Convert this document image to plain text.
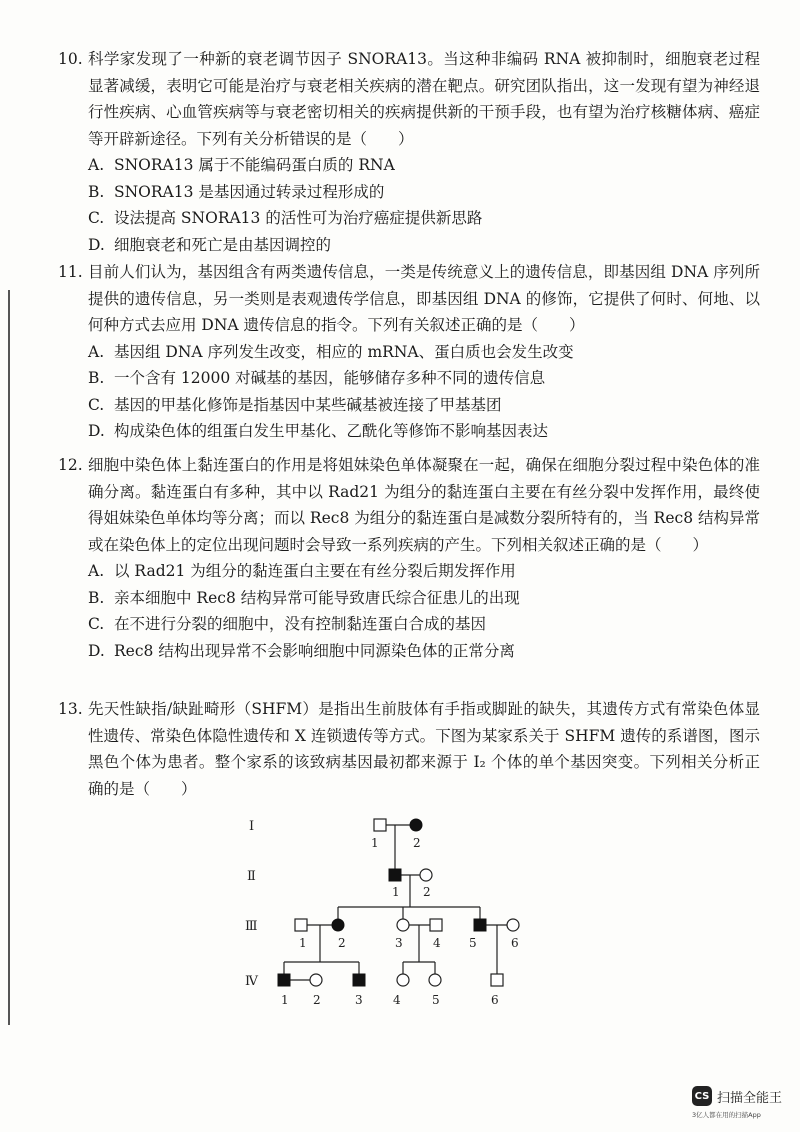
10. 科学家发现了一种新的衰老调节因子 SNORA13。当这种非编码 RNA 被抑制时，细胞衰老过程显著减缓，表明它可能是治疗与衰老相关疾病的潜在靶点。研究团队指出，这一发现有望为神经退行性疾病、心血管疾病等与衰老密切相关的疾病提供新的干预手段，也有望为治疗核糖体病、癌症等开辟新途径。下列有关分析错误的是（　　）
A. SNORA13 属于不能编码蛋白质的 RNA
B. SNORA13 是基因通过转录过程形成的
C. 设法提高 SNORA13 的活性可为治疗癌症提供新思路
D. 细胞衰老和死亡是由基因调控的
11. 目前人们认为，基因组含有两类遗传信息，一类是传统意义上的遗传信息，即基因组 DNA 序列所提供的遗传信息，另一类则是表观遗传学信息，即基因组 DNA 的修饰，它提供了何时、何地、以何种方式去应用 DNA 遗传信息的指令。下列有关叙述正确的是（　　）
A. 基因组 DNA 序列发生改变，相应的 mRNA、蛋白质也会发生改变
B. 一个含有 12000 对碱基的基因，能够储存多种不同的遗传信息
C. 基因的甲基化修饰是指基因中某些碱基被连接了甲基基团
D. 构成染色体的组蛋白发生甲基化、乙酰化等修饰不影响基因表达
12. 细胞中染色体上黏连蛋白的作用是将姐妹染色单体凝聚在一起，确保在细胞分裂过程中染色体的准确分离。黏连蛋白有多种，其中以 Rad21 为组分的黏连蛋白主要在有丝分裂中发挥作用，最终使得姐妹染色单体均等分离；而以 Rec8 为组分的黏连蛋白是减数分裂所特有的，当 Rec8 结构异常或在染色体上的定位出现问题时会导致一系列疾病的产生。下列相关叙述正确的是（　　）
A. 以 Rad21 为组分的黏连蛋白主要在有丝分裂后期发挥作用
B. 亲本细胞中 Rec8 结构异常可能导致唐氏综合征患儿的出现
C. 在不进行分裂的细胞中，没有控制黏连蛋白合成的基因
D. Rec8 结构出现异常不会影响细胞中同源染色体的正常分离
13. 先天性缺指/缺趾畸形（SHFM）是指出生前肢体有手指或脚趾的缺失，其遗传方式有常染色体显性遗传、常染色体隐性遗传和 X 连锁遗传等方式。下图为某家系关于 SHFM 遗传的系谱图，图示黑色个体为患者。整个家系的该致病基因最初都来源于 I₂ 个体的单个基因突变。下列相关分析正确的是（　　）
I
Ⅱ
Ⅲ
Ⅳ
1	2
1 2
1	2	3	4 5	6
1 2	3	4	5	6
CS 扫描全能王
3亿人都在用的扫描App
